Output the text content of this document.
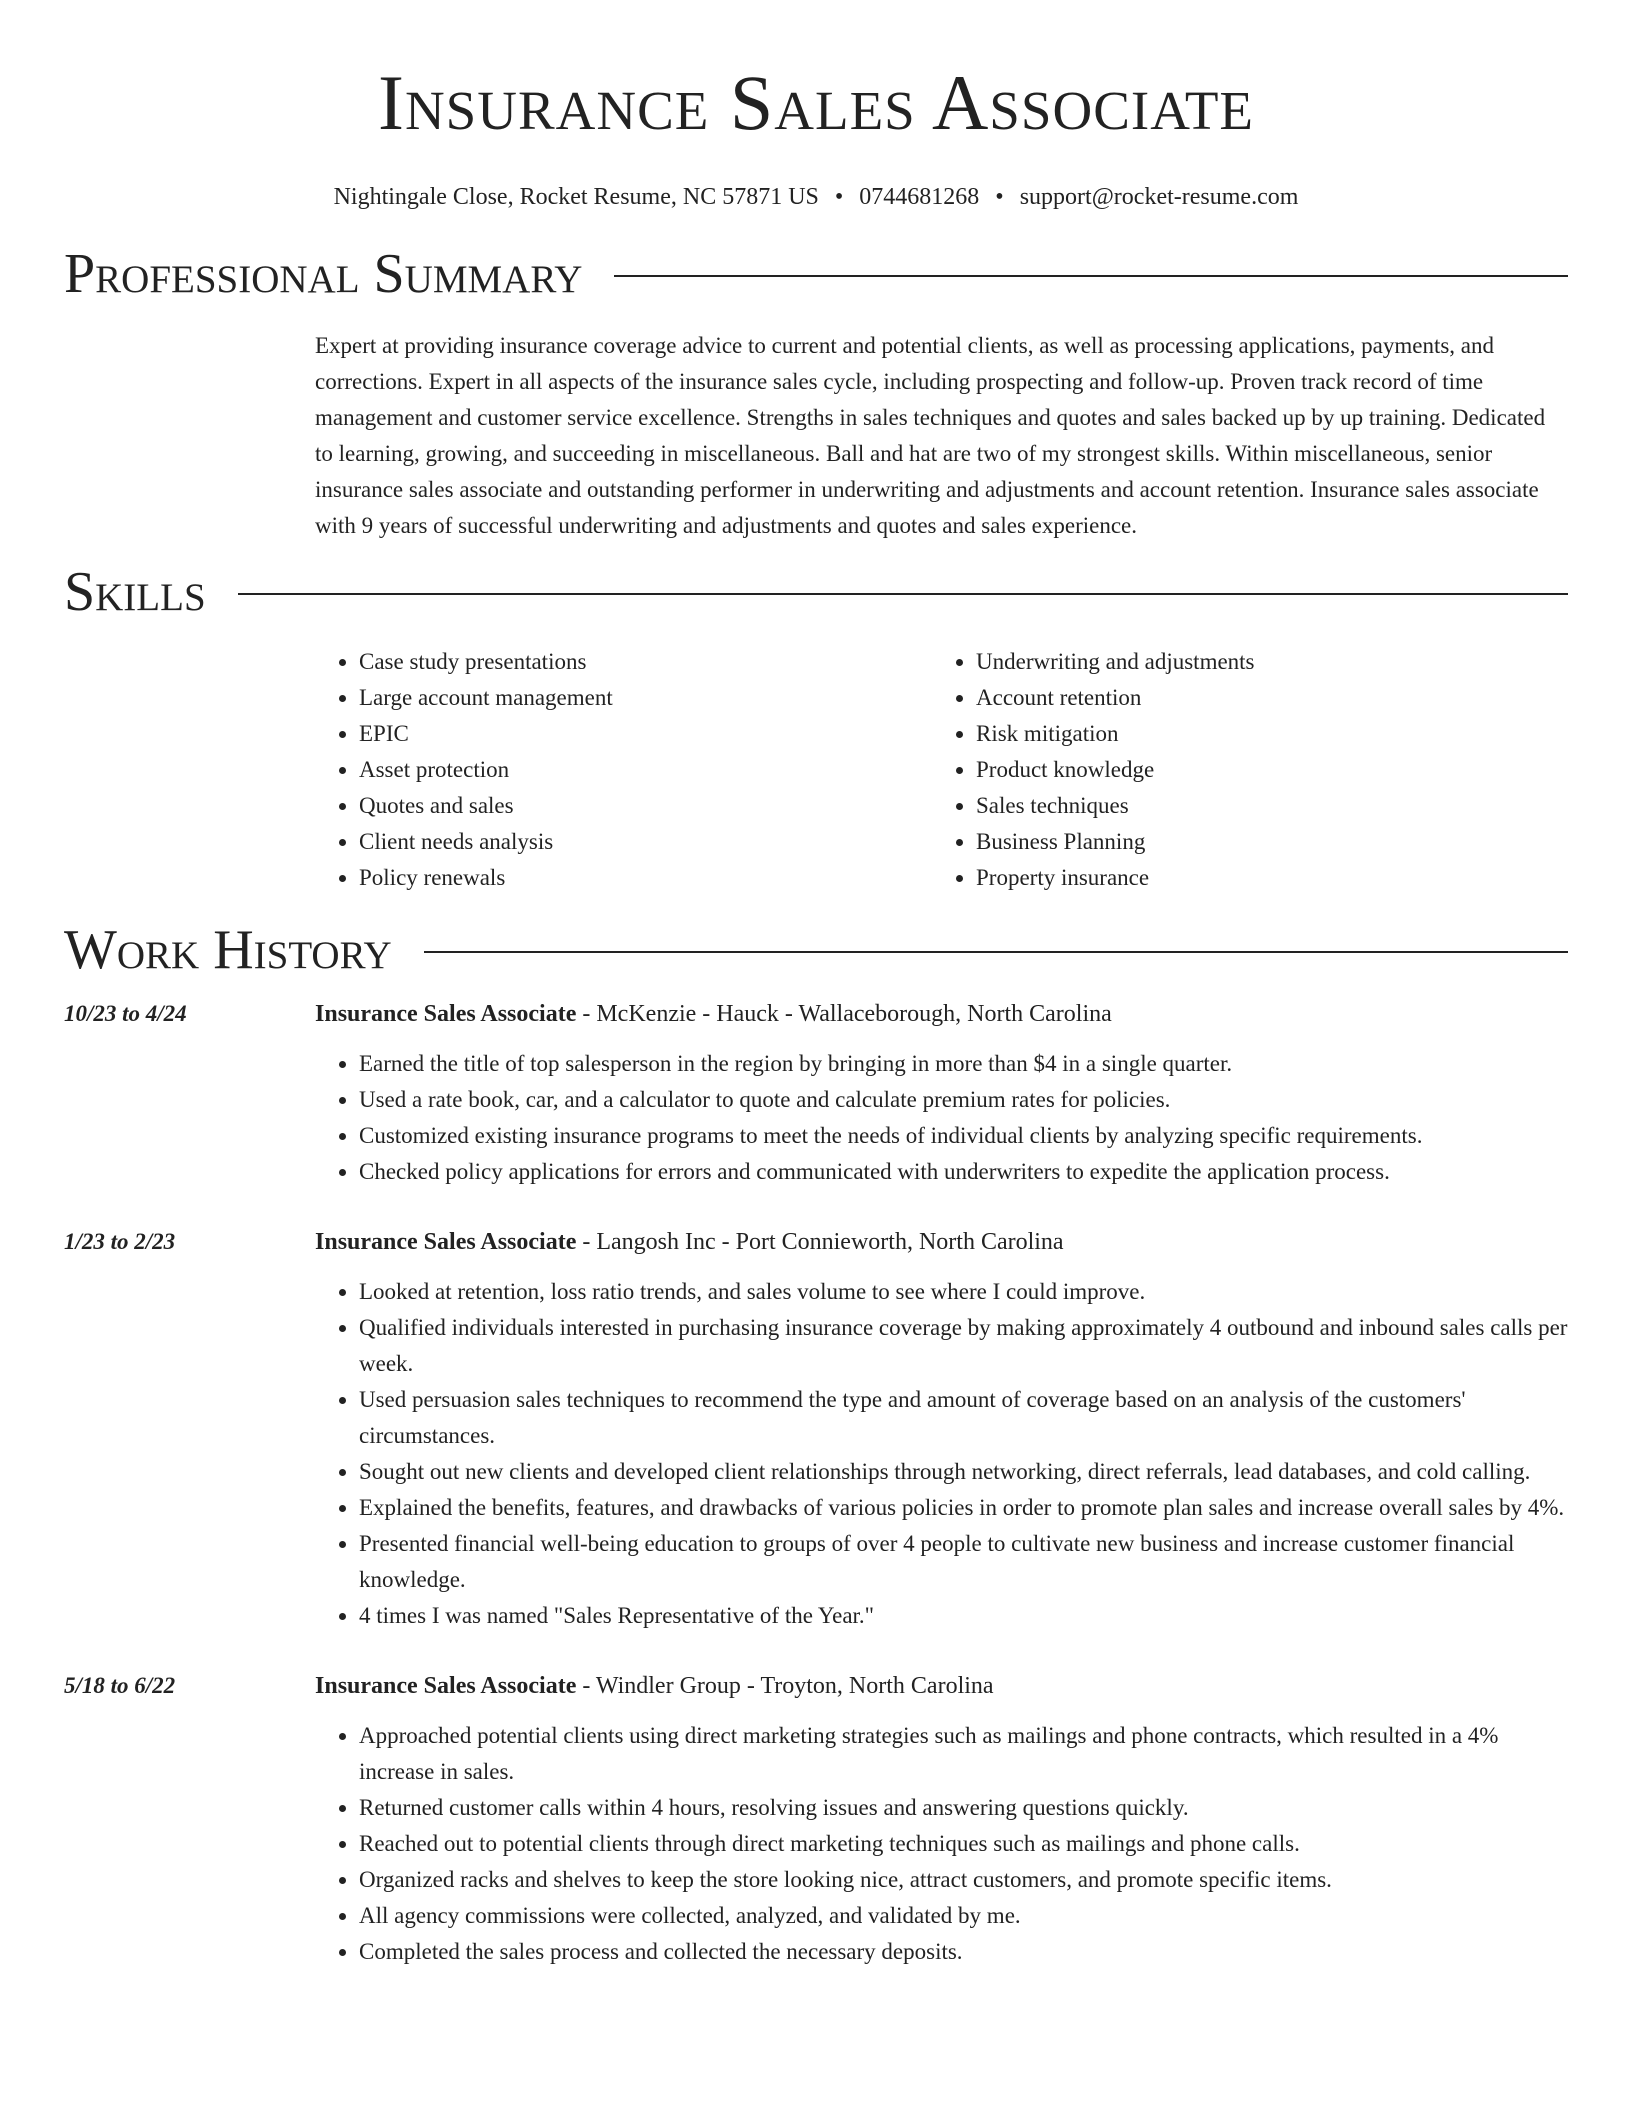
Insurance Sales Associate
Nightingale Close, Rocket Resume, NC 57871 US • 0744681268 • support@rocket-resume.com
Professional Summary
Expert at providing insurance coverage advice to current and potential clients, as well as processing applications, payments, and corrections. Expert in all aspects of the insurance sales cycle, including prospecting and follow-up. Proven track record of time management and customer service excellence. Strengths in sales techniques and quotes and sales backed up by up training. Dedicated to learning, growing, and succeeding in miscellaneous. Ball and hat are two of my strongest skills. Within miscellaneous, senior insurance sales associate and outstanding performer in underwriting and adjustments and account retention. Insurance sales associate with 9 years of successful underwriting and adjustments and quotes and sales experience.
Skills
• Case study presentations
• Large account management
• EPIC
• Asset protection
• Quotes and sales
• Client needs analysis
• Policy renewals
• Underwriting and adjustments
• Account retention
• Risk mitigation
• Product knowledge
• Sales techniques
• Business Planning
• Property insurance
Work History
10/23 to 4/24	Insurance Sales Associate - McKenzie - Hauck - Wallaceborough, North Carolina
• Earned the title of top salesperson in the region by bringing in more than $4 in a single quarter.
• Used a rate book, car, and a calculator to quote and calculate premium rates for policies.
• Customized existing insurance programs to meet the needs of individual clients by analyzing specific requirements.
• Checked policy applications for errors and communicated with underwriters to expedite the application process.
1/23 to 2/23	Insurance Sales Associate - Langosh Inc - Port Connieworth, North Carolina
• Looked at retention, loss ratio trends, and sales volume to see where I could improve.
• Qualified individuals interested in purchasing insurance coverage by making approximately 4 outbound and inbound sales calls per week.
• Used persuasion sales techniques to recommend the type and amount of coverage based on an analysis of the customers' circumstances.
• Sought out new clients and developed client relationships through networking, direct referrals, lead databases, and cold calling.
• Explained the benefits, features, and drawbacks of various policies in order to promote plan sales and increase overall sales by 4%.
• Presented financial well-being education to groups of over 4 people to cultivate new business and increase customer financial knowledge.
• 4 times I was named "Sales Representative of the Year."
5/18 to 6/22	Insurance Sales Associate - Windler Group - Troyton, North Carolina
• Approached potential clients using direct marketing strategies such as mailings and phone contracts, which resulted in a 4% increase in sales.
• Returned customer calls within 4 hours, resolving issues and answering questions quickly.
• Reached out to potential clients through direct marketing techniques such as mailings and phone calls.
• Organized racks and shelves to keep the store looking nice, attract customers, and promote specific items.
• All agency commissions were collected, analyzed, and validated by me.
• Completed the sales process and collected the necessary deposits.
